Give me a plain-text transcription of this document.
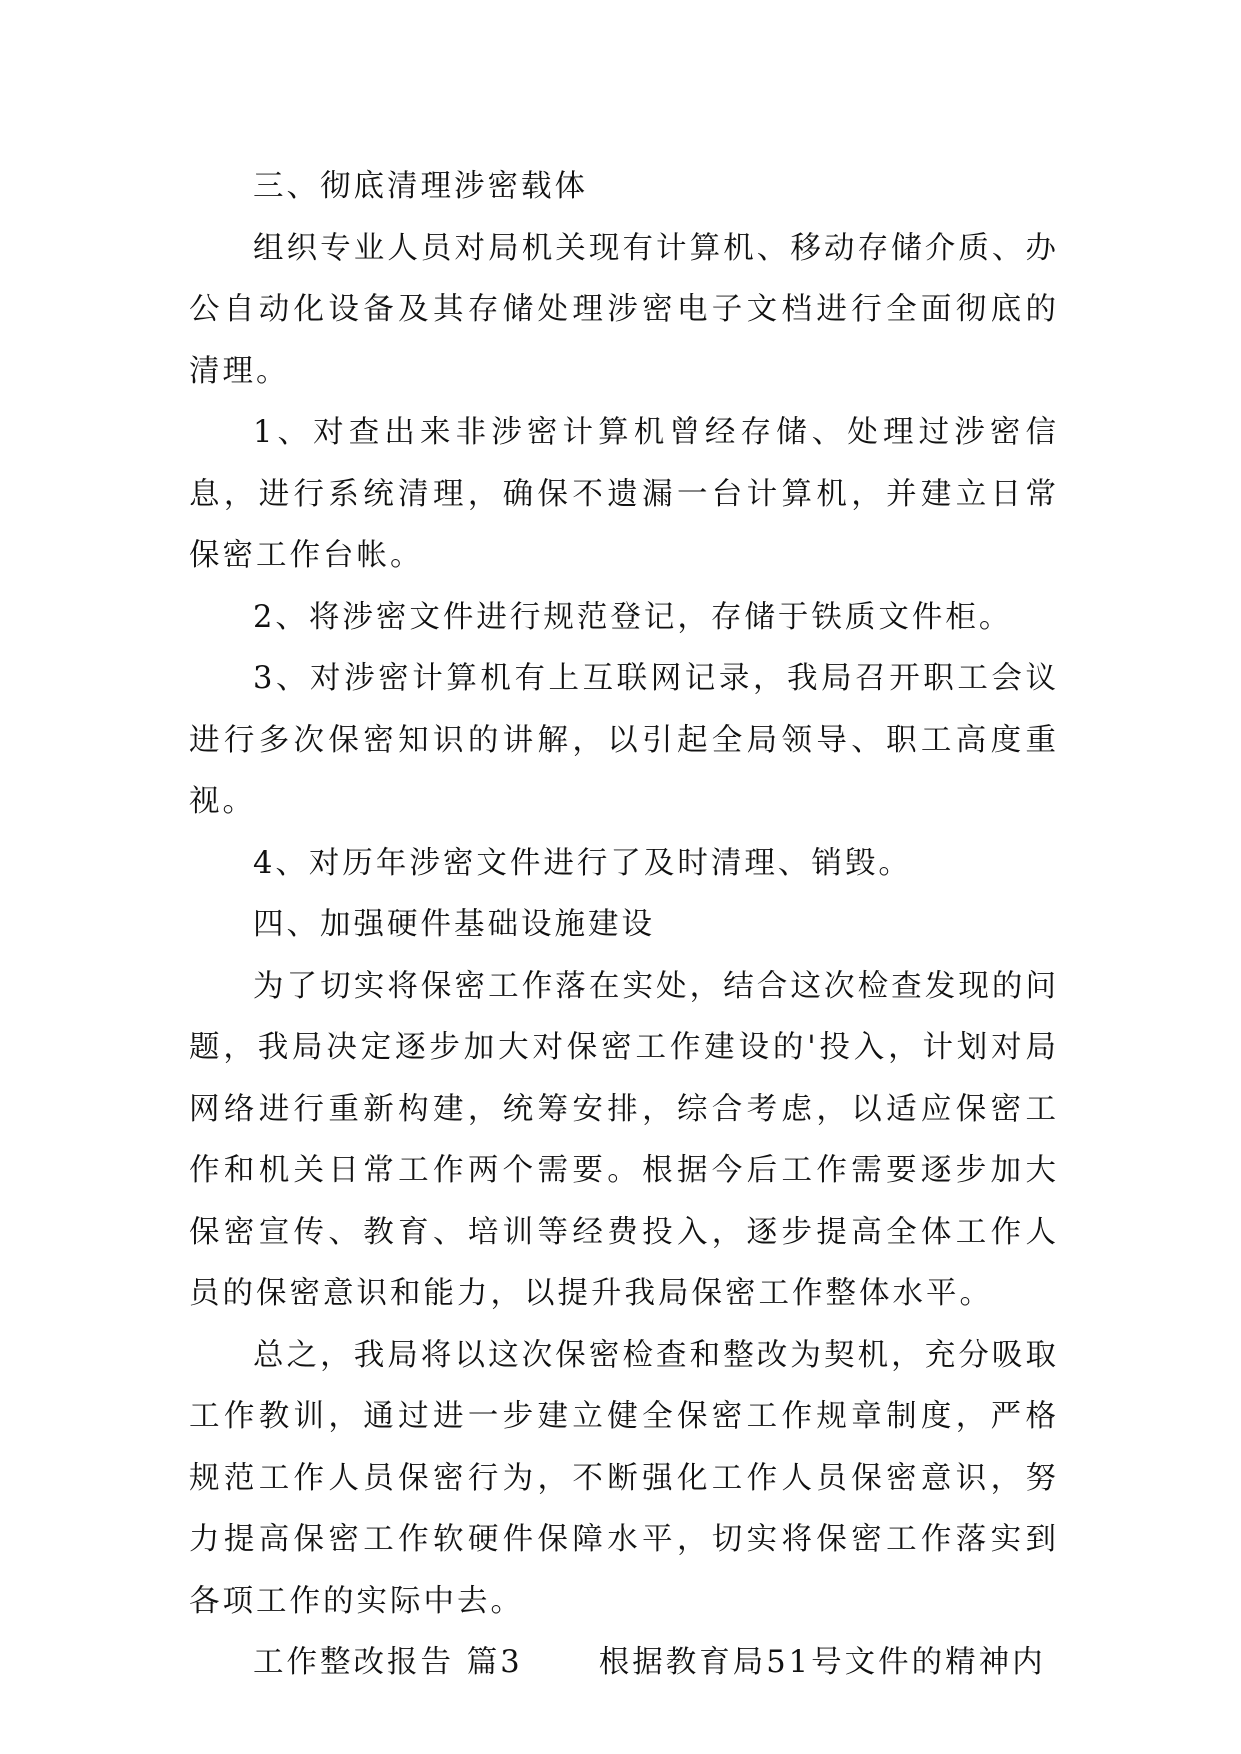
三、彻底清理涉密载体

组织专业人员对局机关现有计算机、移动存储介质、办公自动化设备及其存储处理涉密电子文档进行全面彻底的清理。

1、对查出来非涉密计算机曾经存储、处理过涉密信息，进行系统清理，确保不遗漏一台计算机，并建立日常保密工作台帐。

2、将涉密文件进行规范登记，存储于铁质文件柜。

3、对涉密计算机有上互联网记录，我局召开职工会议进行多次保密知识的讲解，以引起全局领导、职工高度重视。

4、对历年涉密文件进行了及时清理、销毁。

四、加强硬件基础设施建设

为了切实将保密工作落在实处，结合这次检查发现的问题，我局决定逐步加大对保密工作建设的'投入，计划对局网络进行重新构建，统筹安排，综合考虑，以适应保密工作和机关日常工作两个需要。根据今后工作需要逐步加大保密宣传、教育、培训等经费投入，逐步提高全体工作人员的保密意识和能力，以提升我局保密工作整体水平。

总之，我局将以这次保密检查和整改为契机，充分吸取工作教训，通过进一步建立健全保密工作规章制度，严格规范工作人员保密行为，不断强化工作人员保密意识，努力提高保密工作软硬件保障水平，切实将保密工作落实到各项工作的实际中去。

工作整改报告 篇3 根据教育局51号文件的精神内
